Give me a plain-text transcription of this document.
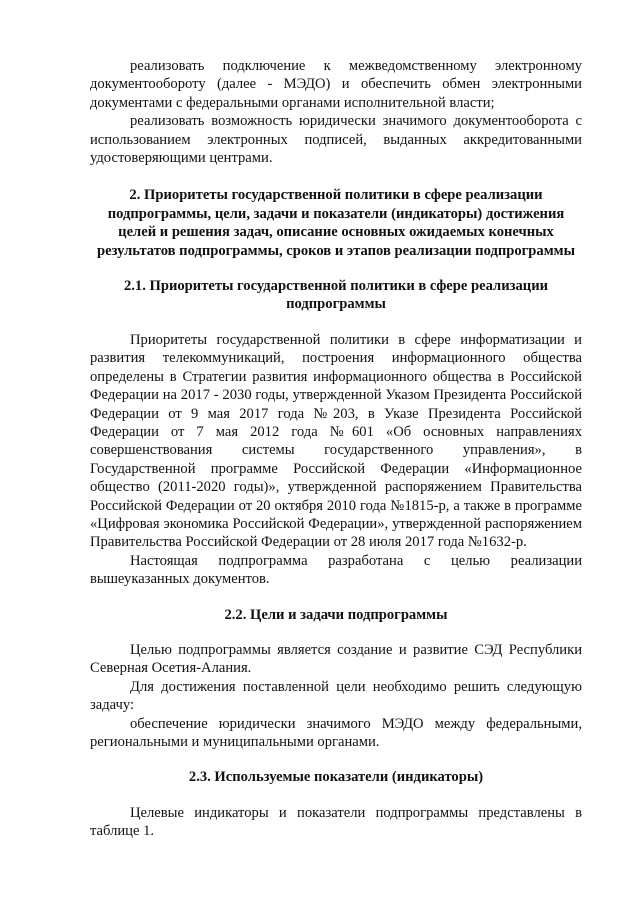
реализовать подключение к межведомственному электронному документообороту (далее - МЭДО) и обеспечить обмен электронными документами с федеральными органами исполнительной власти;

реализовать возможность юридически значимого документооборота с использованием электронных подписей, выданных аккредитованными удостоверяющими центрами.

2. Приоритеты государственной политики в сфере реализации подпрограммы, цели, задачи и показатели (индикаторы) достижения целей и решения задач, описание основных ожидаемых конечных результатов подпрограммы, сроков и этапов реализации подпрограммы
2.1. Приоритеты государственной политики в сфере реализации подпрограммы

Приоритеты государственной политики в сфере информатизации и развития телекоммуникаций, построения информационного общества определены в Стратегии развития информационного общества в Российской Федерации на 2017 - 2030 годы, утвержденной Указом Президента Российской Федерации от 9 мая 2017 года №203, в Указе Президента Российской Федерации от 7 мая 2012 года №601 «Об основных направлениях совершенствования системы государственного управления», в Государственной программе Российской Федерации «Информационное общество (2011-2020 годы)», утвержденной распоряжением Правительства Российской Федерации от 20 октября 2010 года №1815-р, а также в программе «Цифровая экономика Российской Федерации», утвержденной распоряжением Правительства Российской Федерации от 28 июля 2017 года №1632-р.

Настоящая подпрограмма разработана с целью реализации вышеуказанных документов.

2.2. Цели и задачи подпрограммы

Целью подпрограммы является создание и развитие СЭД Республики Северная Осетия-Алания.

Для достижения поставленной цели необходимо решить следующую задачу:

обеспечение юридически значимого МЭДО между федеральными, региональными и муниципальными органами.

2.3. Используемые показатели (индикаторы)

Целевые индикаторы и показатели подпрограммы представлены в таблице 1.
